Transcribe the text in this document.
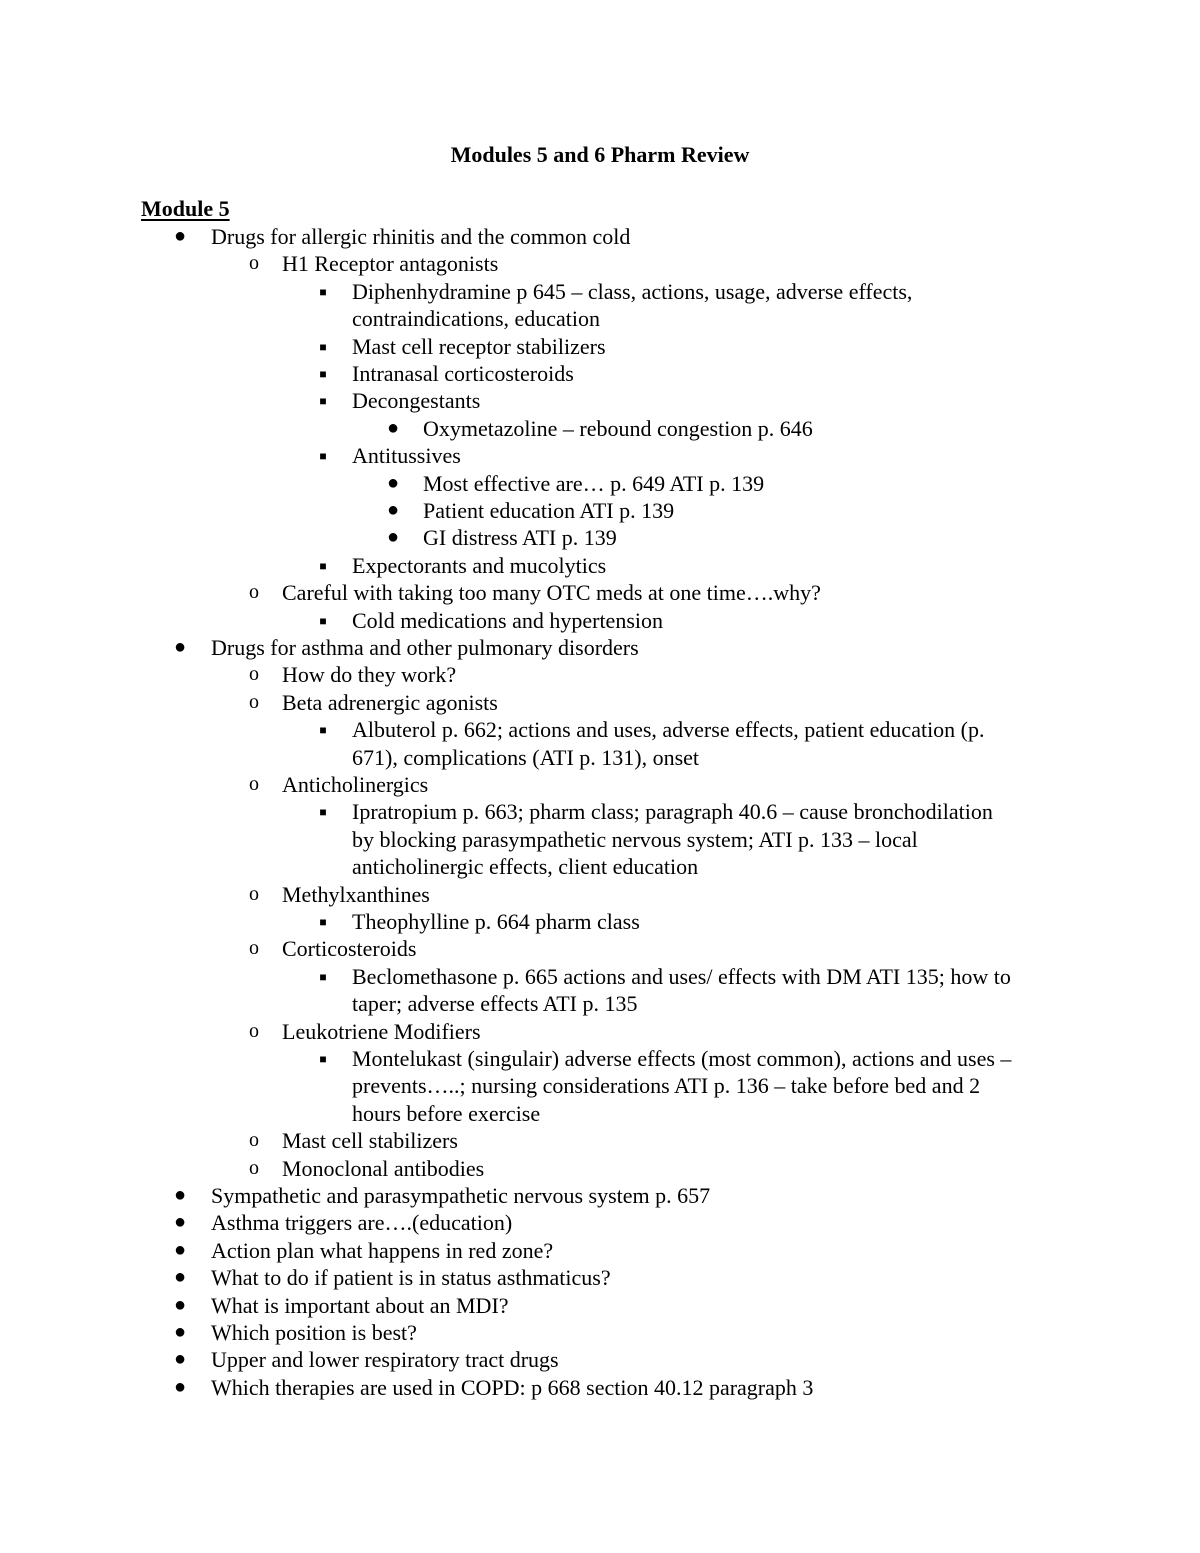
Modules 5 and 6 Pharm Review
Module 5
● Drugs for allergic rhinitis and the common cold
o H1 Receptor antagonists
■ Diphenhydramine p 645 – class, actions, usage, adverse effects,
contraindications, education
■ Mast cell receptor stabilizers
■ Intranasal corticosteroids
■ Decongestants
● Oxymetazoline – rebound congestion p. 646
■ Antitussives
● Most effective are… p. 649 ATI p. 139
● Patient education ATI p. 139
● GI distress ATI p. 139
■ Expectorants and mucolytics
o Careful with taking too many OTC meds at one time….why?
■ Cold medications and hypertension
● Drugs for asthma and other pulmonary disorders
o How do they work?
o Beta adrenergic agonists
■ Albuterol p. 662; actions and uses, adverse effects, patient education (p.
671), complications (ATI p. 131), onset
o Anticholinergics
■ Ipratropium p. 663; pharm class; paragraph 40.6 – cause bronchodilation
by blocking parasympathetic nervous system; ATI p. 133 – local
anticholinergic effects, client education
o Methylxanthines
■ Theophylline p. 664 pharm class
o Corticosteroids
■ Beclomethasone p. 665 actions and uses/ effects with DM ATI 135; how to
taper; adverse effects ATI p. 135
o Leukotriene Modifiers
■ Montelukast (singulair) adverse effects (most common), actions and uses –
prevents…..; nursing considerations ATI p. 136 – take before bed and 2
hours before exercise
o Mast cell stabilizers
o Monoclonal antibodies
● Sympathetic and parasympathetic nervous system p. 657
● Asthma triggers are….(education)
● Action plan what happens in red zone?
● What to do if patient is in status asthmaticus?
● What is important about an MDI?
● Which position is best?
● Upper and lower respiratory tract drugs
● Which therapies are used in COPD: p 668 section 40.12 paragraph 3
